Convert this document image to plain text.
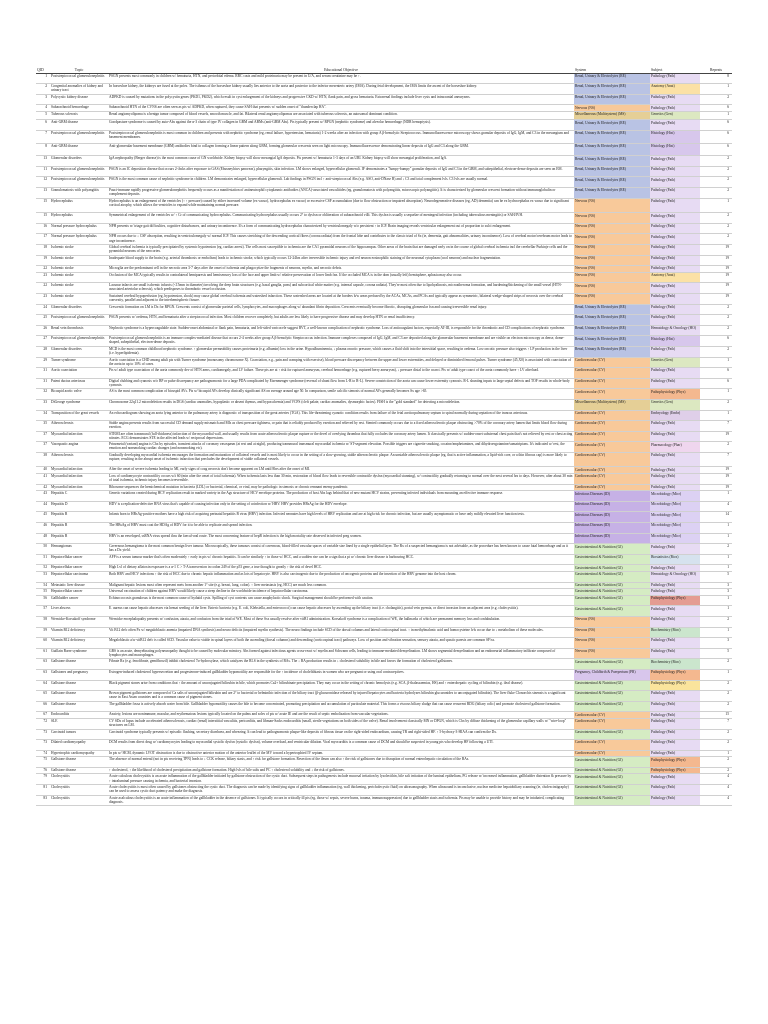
QID	Topic	Educational Objective	System	Subject	Repeats
1	Poststreptococcal glomerulonephritis	PSGN presents most commonly in children w/ hematuria, HTN, and periorbital edema. RBC casts and mild proteinuria may be present in U/A, and serum creatinine may be ↑.	Renal, Urinary & Electrolytes (RE)	Pathology (Path)	8
2	Congenital anomalies of kidney and urinary tract	In horseshoe kidney, the kidneys are fused at the poles. The isthmus of the horseshoe kidney usually lies anterior to the aorta and posterior to the inferior mesenteric artery (IMA). During fetal development, the IMA limits the ascent of the horseshoe kidney.	Renal, Urinary & Electrolytes (RE)	Anatomy (Anat)	1
3	Polycystic kidney disease	ADPKD is caused by mutations in the polycystin genes (PKD1, PKD2), which result in cyst enlargement of the kidneys and progressive CKD w/ HTN, flank pain, and gross hematuria. Extrarenal findings include liver cysts and intracranial aneurysms.	Renal, Urinary & Electrolytes (RE)	Pathology (Path)	2
4	Subarachnoid hemorrhage	Subarachnoid HTN of the CVNS are often seen as pts w/ ADPKD, when ruptured, they cause SAH that presents w/ sudden onset of "thunderclap HA".	Nervous (NS)	Pathology (Path)	6
5	Tuberous sclerosis	Renal angiomyolipoma is a benign tumor composed of blood vessels, smooth muscle, and fat. Bilateral renal angiomyolipomas are associated with tuberous sclerosis, an autosomal dominant condition.	Miscellaneous (Multisystem) (MS)	Genetics (Gen)	1
6	Anti-GBM disease	Goodpasture syndrome is caused by auto-Abs against the α-3 chain of type IV collagen in GBM and ABMs (anti-GBM Abs). Pts typically present w/ RPGN (nephritic syndrome) and alveolar hemorrhage (NDR hemoptysis).	Renal, Urinary & Electrolytes (RE)	Pathology (Path)	6
7	Poststreptococcal glomerulonephritis	Poststreptococcal glomerulonephritis is most common in children and presents with nephritic syndrome (eg, renal failure, hypertension, hematuria) 1-2 weeks after an infection with group A β-hemolytic Streptococcus. Immunofluorescence microscopy shows granular deposits of IgG, IgM, and C3 in the mesangium and basement membranes.	Renal, Urinary & Electrolytes (RE)	Histology (Hist)	6
8	Anti-GBM disease	Anti-glomerular basement membrane (GBM) antibodies bind to collagen forming a linear pattern along GBM, forming glomerular crescents seen on light microscopy. Immunofluorescence demonstrating linear deposits of IgG and C3 along the GBM.	Renal, Urinary & Electrolytes (RE)	Histology (Hist)	6
13	Glomerular disorders	IgA nephropathy (Berger disease) is the most common cause of GN worldwide. Kidney biopsy will show mesangial IgA deposits. Pts present w/ hematuria 1-3 days of an URI. Kidney biopsy will show mesangial proliferation, and IgA.	Renal, Urinary & Electrolytes (RE)	Pathology (Path)	2
11	Poststreptococcal glomerulonephritis	PSGN is an IC deposition disease that occurs 2-4wks after exposure to GAS (Ebusneyhiws pancreas), pharyngitis, skin infection. LM shows enlarged, hypercellular glomeruli. IF demonstrates a "lumpy-bumpy" granular deposits of IgG and C3 in the GBM, and subepithelial, electron-dense deposits are seen on EM.	Renal, Urinary & Electrolytes (RE)	Pathology (Path)	2
12	Poststreptococcal glomerulonephritis	PSGN is the most common cause of nephritic syndrome in children. LM demonstrates enlarged, hypercellular glomeruli. Lab findings in PSGN incl ↑ anti-streptococcal Abs (e.g. ASO, anti-DNase B) and ↓ C3 and total complement lvls. C3 lvls are usually normal.	Renal, Urinary & Electrolytes (RE)	Pathology (Path)	2
13	Granulomatosis with polyangiitis	Pauci-immune rapidly progressive glomerulonephritis frequently occurs as a manifestation of antineutrophil cytoplasmic antibodies (ANCA)-associated vasculitides (eg, granulomatosis with polyangiitis, microscopic polyangiitis). It is characterized by glomerular crescent formation without immunoglobulin or complement deposits.	Renal, Urinary & Electrolytes (RE)	Pathology (Path)	2
15	Hydrocephalus	Hydrocephalus is an enlargement of the ventricles (↑ ↑ pressure) caused by either increased volume (ex vacuo), hydrocephalus ex vacuo) or excessive CSF accumulation (due to flow obstruction or impaired absorption). Neurodegenerative diseases (eg, AD) dementia) can be ex hydrocephalus ex vacuo due to significant cortical atrophy, which allows the ventricles to expand while maintaining normal pressure.	Nervous (NS)	Pathology (Path)	1
15	Hydrocephalus	Symmetrical enlargement of the ventricles w/ ↑ Cr of communicating hydrocephalus. Communicating hydrocephalus usually occurs 2° to dysfxn or obliteration of subarachnoid villi. This dysfxn is usually a sequelae of meningeal infection (including tuberculous meningitis) or SAH/IVH.	Nervous (NS)	Pathology (Path)	2
16	Normal pressure hydrocephalus	NPH presents w/ triage gait difficulties, cognitive disturbances, and urinary incontinence. It's a form of communicating hydrocephalus characterized by ventriculomegaly w/o persistent ↑ in ICP. Brain imaging reveals ventricular enlargement out of proportion to sulci enlargement.	Nervous (NS)	Pathology (Path)	2
17	Normal pressure hydrocephalus	NPH occurs due to ↓ CSF absorption, resulting in ventriculomegaly w/ normal ICP. This causes stretching of the descending cortical fibers (corona radiata) from the frontal lobe and contributes to the classic triad of Sx (ie, dementia, gait abnormalities, urinary incontinence). Loss of cerebral motor/cerebrum motor leads to urge incontinence.	Nervous (NS)	Pathology (Path)	2
18	Ischemic stroke	Global cerebral ischemia is typically precipitated by systemic hypotension (eg, cardiac arrest). The cells most susceptible to ischemia are the CA1 pyramidal neurons of the hippocampus. Other areas of the brain that are damaged early on in the course of global cerebral ischemia incl the cerebellar Purkinje cells and the pyramidal neurons of the neocortex.	Nervous (NS)	Pathology (Path)	19
19	Ischemic stroke	Inadequate blood supply to the brain (e.g. arterial thrombosis or embolism) leads to ischemic stroke, which typically occurs 12-24hrs after irreversible ischemic injury and red neuron eosinophilic staining of the neuronal cytoplasm (cool neurons) and nuclear fragmentation.	Nervous (NS)	Pathology (Path)	19
22	Ischemic stroke	Microglia are the predominant cell in the necrotic area 3-7 days after the onset of ischemia and phagocytize the fragments of neurons, myelin, and necrotic debris.	Nervous (NS)	Pathology (Path)	19
23	Ischemic stroke	Occlusion of the MCA typically results in contralateral hemiparesis and hemisensory loss of the face and upper limb w/ relative preservation of lower limb fxn. If the occluded MCA is in the dom (usually left) hemisphere, aphasia may also occur.	Nervous (NS)	Anatomy (Anat)	19
22	Ischemic stroke	Lacunar infarcts are small ischemic infarcts (<15mm in diameter) involving the deep brain structures (e.g. basal ganglia, pons) and subcortical white matter (e.g. internal capsule, corona radiata). They're most often due to lipohyalinosis, microatheroma formation, and hardening/thickening of the small vessel (HTN-associated arteriolar sclerosis), which predisposes to thrombotic vessel occlusion.	Nervous (NS)	Pathology (Path)	19
23	Ischemic stroke	Sustained cerebral hypoperfusion (eg, hypotension, shock) may cause global cerebral ischemia and watershed infarction. These watershed areas are located at the borders b/w areas perfused by the ACAs, MCAs, and PCAs and typically appear as symmetric, bilateral wedge-shaped strips of necrosis over the cerebral convexity, parallel and adjacent to the interhemispheric fissure.	Nervous (NS)	Pathology (Path)	19
24	Glomerular disorders	Crescentic formation on LM is Dx for RPGN. Crescents consist of glomerular parietal cells, lymphocytes, and macrophages along w/ abundant fibrin deposition. Crescents eventually become fibrotic, disrupting glomerular fxn and causing irreversible renal injury.	Renal, Urinary & Electrolytes (RE)	Pathology (Path)	2
25	Poststreptococcal glomerulonephritis	PSGN presents w/ oedema, HTN, and hematuria after a streptococcal infection. Most children recover completely, but adults are less likely to have progressive disease and may develop HTN or renal insufficiency.	Renal, Urinary & Electrolytes (RE)	Pathology (Path)	2
26	Renal vein thrombosis	Nephrotic syndrome is a hypercoagulable state. Sudden-onset abdominal or flank pain, hematuria, and left-sided varicocele suggest RVT, a well-known complication of nephrotic syndrome. Loss of anticoagulant factors, especially AT-III, is responsible for the thrombotic and CD complications of nephrotic syndrome.	Renal, Urinary & Electrolytes (RE)	Hematology & Oncology (HO)	2
27	Poststreptococcal glomerulonephritis	Poststreptococcal glomerulonephritis is an immune complex-mediated disease that occurs 2-4 weeks after group A β-hemolytic Streptococcus infection. Immune complexes composed of IgG, IgM, and C3 are deposited along the glomerular basement membrane and are visible on electron microscopy as dense, dome-shaped, subepithelial, electron-dense deposits.	Renal, Urinary & Electrolytes (RE)	Histology (Hist)	6
28	Glomerular disorders	MCD is the most common childhood nephrotic syndrome. ↑ glomerular permeability causes proteinuria (e.g. albumin) loss in the urine. Hypoalbuminemia, ↓ plasma oncotic pressure, which causes a fluid shift into the interstitial space, resulting in oedema. Low oncotic pressure also triggers ↑ LP production in the liver (i.e. hyperlipidemia).	Renal, Urinary & Electrolytes (RE)	Pathology (Path)	2
29	Turner syndrome	Aortic coarctation is a CHD among adult pts with Turner syndrome (monosomy chromosome X). Coarctation, e.g., pain and cramping with exercise), blood pressure discrepancy between the upper and lower extremities, and delayed or diminished femoral pulses. Turner syndrome (45,X0) is associated with coarctation of the aorta in up to 10% of cases.	Cardiovascular (CV)	Genetics (Gen)	1
31	Aortic coarctation	Pts w/ adult type coarctation of the aorta commonly dev of HTN arms, cardiomegaly, and LV failure. These pts are at ↑ risk for ruptured aneurysm, cerebral hemorrhage (e.g. ruptured berry aneurysm), ↓ pressure distal to the coarct. Pts w/ adult type coarct of the aorta commonly have ↑ LV afterload.	Cardiovascular (CV)	Pathology (Path)	6
31	Patent ductus arteriosus	Digital clubbing and cyanosis w/o BP or pulse discrepancy are pathognomonic for a large PDA complicated by Eisenmenger syndrome (reversal of shunt flow from L-R to R-L). Severe constriction of the aorta can cause lower extremity cyanosis. R-L shunting inputs to large septal defects and TOF results in whole-body cyanosis.	Cardiovascular (CV)	Pathology (Path)	6
32	Bicuspid aortic valve	AS is the most common complication of bicuspid AVs. Pts w/ bicuspid AVs develop clinically significant AS on average around age 50. In comparison, senile calcific stenosis of normal AVs generally becomes Sx age >65.	Cardiovascular (CV)	Pathophysiology (Phys)	1
33	DiGeorge syndrome	Chromosome 22q11.2 microdeletion results in DGS (cardiac anomalies, hypoplastic or absent thymus, and hypocalcemia) and VCFS (cleft palate, cardiac anomalies, dysmorphic facies). FISH is the "gold standard" for detecting a microdeletion.	Miscellaneous (Multisystem) (MS)	Genetics (Gen)	2
34	Transposition of the great vessels	An echocardiogram showing an aorta lying anterior to the pulmonary artery is diagnostic of transposition of the great arteries (TGA). This life-threatening cyanotic condition results from failure of the fetal aorticopulmonary septum to spiral normally during septation of the truncus arteriosus.	Cardiovascular (CV)	Embryology (Embr)	1
35	Atherosclerosis	Stable angina presents results from successful CD demand supply mismatch and MIs as chest pressure tightness, or pain that is reliably produced by exertion and relieved by rest. Stented commonly occurs due to a fixed atherosclerotic plaque obstructing >70% of the coronary artery lumen that limits blood flow during exertion.	Cardiovascular (CV)	Pathology (Path)	7
37	Myocardial infarction	STEMI are often transmural (full-thickness) infarction of the myocardial wall, and usually results from acute atherosclerotic plaque rupture or the devel of overlying thrombus that fully occludes the coronary artery lumen. It classically presents w/ sudden-onset substernal chest pain that's not relieved by rest or chest acting nitrates. ECG demonstrates STE in the affected leads w/ reciprocal depressions.	Cardiovascular (CV)	Pathology (Path)	19
37	Vasospastic angina	Prinzmetal (variant) angina is Chx by episodes, transient attacks of coronary vasospasm (at rest and at night), producing transmural transmural myocardial ischemia w/ ST-segment elevation. Possible triggers are cigarette smoking, cocaine/amphetamines, and dihydroergotamine/sumatriptans. It's indicated w/ rest, the emotion and nonsmoking cardiac changes (and nonsmoking etc).	Cardiovascular (CV)	Pharmacology (Phar)	2
38	Atherosclerosis	Gradually developing myocardial ischemia encourages the formation and maturation of collateral vessels and is most likely to occur in the setting of a slow-growing, stable atherosclerotic plaque. An unstable atherosclerotic plaque (eg, that is active inflammation, a lipid-rich core, or a thin fibrous cap) is more likely to rupture, resulting in the abrupt onset of ischemic infarction that precludes the development of viable collateral vessels.	Cardiovascular (CV)	Pathology (Path)	7
40	Myocardial infarction	After the onset of severe ischemia leading to MI, early signs of coag necrosis don't become apparent on LM until 8hrs after the onset of MI.	Cardiovascular (CV)	Pathology (Path)	19
41	Myocardial infarction	Loss of cardiomyocyte contractility occurs w/i 60 (min after the onset of total ischemia). When ischemia lasts less than 30 min, restoration of blood flow leads to reversible contractile dysfxn (myocardial stunning), w/ contractility gradually returning to normal over the next several hrs to days. However, after about 30 min of total ischemia, ischemic injury becomes irreversible.	Cardiovascular (CV)	Pathology (Path)	19
42	Myocardial infarction	Ribosome sequences the hemichemical mutation in bacteria (LDL) or bacterial, chemical, or viral, may be pathologic in stenosis or chronic remnant enemy pandemic.	Cardiovascular (CV)	Pathology (Path)	19
43	Hepatitis C	Genetic variations created during HCV replication result in marked variety in the Ags structure of HCV envelope proteins. The production of host Abs lags behind that of new mutant HCV strains, preventing infected individuals from mounting an effective immune response.	Infectious Diseases (ID)	Microbiology (Micr)	1
44	Hepatitis D	HDV is a replication-defective RNA virus that's capable of causing infection only in the setting of coinfection w/ HBV. HBV provides HBsAg for the HDV envelope.	Infectious Diseases (ID)	Microbiology (Micr)	4
45	Hepatitis B	Infants born to HBsAg-positive mothers have a high risk of acquiring perinatal hepatitis B virus (HBV) infection. Infected neonates have high levels of HBV replication and are at high risk for chronic infection, but are usually asymptomatic or have only mildly elevated liver function tests.	Infectious Diseases (ID)	Microbiology (Micr)	14
46	Hepatitis B	The HBsAg of HBV must coat the HDAg of HDV for it to be able to replicate and spread infection.	Infectious Diseases (ID)	Microbiology (Micr)	1
48	Hepatitis B	HBV is an enveloped, ssRNA virus spread thru the faecal-oral route. The most concerning feature of hepB infection is the high mortality rate observed in infected preg women.	Infectious Diseases (ID)	Microbiology (Micr)	1
50	Hemangiomas	Cavernous hemangioma is the most common benign liver tumour. Microscopically, these tumours consist of cavernous, blood-filled vascular spaces of variable size lined by a single epithelial layer. The Rx of a suspected hemangioma is not advisable, as the procedure has been known to cause fatal hemorrhage and as it has a Dx yield.	Gastrointestinal & Nutrition (GI)	Pathology (Path)	2
51	Hepatocellular cancer	AFP is a serum tumour marker that's often moderately ↑ early in pts w/ chronic hepatitis. It can be similarly ↑ in those w/ HCC, and a sudden rise can be a sign that a pt w/ chronic liver disease is harbouring HCC.	Gastrointestinal & Nutrition (GI)	Biostatistics (Bios)	1
52	Hepatocellular cancer	High Lvl of dietary aflatoxin exposure is a α-1 C > T-A transversion in codon 249 of the p53 gene, a true thought to greatly ↑ the risk of devel HCC.	Gastrointestinal & Nutrition (GI)	Pathology (Path)	1
53	Hepatocellular carcinoma	Both HBV and HCV infections ↑ the risk of HCC due to chronic hepatic inflammation and as lots of hepatocyte. HBV is also carcinogenic due to the production of oncogenic proteins and the insertion of the HBV genome into the host chrom.	Gastrointestinal & Nutrition (GI)	Hematology & Oncology (HO)	5
54	Metastatic liver disease	Malignant hepatic lesions most often represent mets from another 1° site (e.g. breast, lung, colon). ↑ liver metastasis (eg, HCC) are much less common.	Gastrointestinal & Nutrition (GI)	Pathology (Path)	3
55	Hepatocellular cancer	Universal vaccination of children against HBV would likely cause a steep decline in the worldwide incidence of hepatocellular carcinoma.	Gastrointestinal & Nutrition (GI)	Pathology (Path)	3
56	Gallbladder cancer	Echinococcosis granulosus is the most common cause of hydatid cysts. Spilling of cyst contents can cause anaphylactic shock. Surgical management should be performed with caution.	Gastrointestinal & Nutrition (GI)	Pathophysiology (Phys)	1
57	Liver abscess	E. aureus can cause hepatic abscesses via hemat seeding of the liver. Enteric bacteria (e.g. E. coli, Klebsiella, and enterococci) can cause hepatic abscesses by ascending up the biliary tract (i.e. cholangitis), portal vein pyemia, or direct invasion from an adjacent area (e.g. cholecystitis).	Gastrointestinal & Nutrition (GI)	Pathology (Path)	1
58	Wernicke-Korsakoff syndrome	Wernicke encephalopathy presents w/ confusion, ataxia, and confusion from the triad of WE. Most of these Sxs usually resolve after vitB1 administration. Korsakoff syndrome is a complication of WE, the hallmarks of which are permanent memory loss and confabulation.	Nervous (NS)	Pathology (Path)	2
59	Vitamin B12 deficiency	Vit B12 defc often Px w/ megaloblastic anemia (impaired DNA synthesis) and neuro deficits (impaired myelin synthesis). The neuro findings include SCD of the dorsal columns and lateral corticospinal tract. ↑ in methylmalonic acid and homocysteine lvls occur due to ↓ metabolism of these molecules.	Nervous (NS)	Biochemistry (Bioc)	1
60	Vitamin B12 deficiency	Megaloblastic a/w vitB12 defc is called SCD. Vascular value to viable in spinal layers of both the ascending (dorsal columns) and descending (corticospinal tract) pathways. Loss of position and vibration sensation, sensory ataxia, and spastic paresis are common SF/sx.	Nervous (NS)	Pathology (Path)	3
61	Guillain Barre syndrome	GBS is an acute, demyelinating polyneuropathy thought to be caused by molecular mimicry. Abs formed against infectious agents cross-react w/ myelin and Schwann cells, leading to immune-mediated demyelination. LM shows segmental demyelination and an endoneurial inflammatory infiltrate composed of lymphocytes and macrophages.	Nervous (NS)	Pathology (Path)	5
63	Gallstone disease	Fibrate Rx (e.g. fenofibrate, gemfibrozil) inhibit cholesterol 7α-hydroxylase, which catalyzes the RLS in the synthesis of BAs. The ↓ BA production results in ↓ cholesterol solubility in bile and favors the formation of cholesterol gallstones.	Gastrointestinal & Nutrition (GI)	Biochemistry (Bioc)	2
63	Gallstones and pregnancy	Estrogen-induced cholesterol hypersecretion and progesterone-induced gallbladder hypomotility are responsible for the ↑ incidence of cholelithiasis in women who are pregnant or using oral contraceptives.	Pregnancy, Childbirth & Puerperium (PR)	Pathophysiology (Phys)	1
64	Gallstone disease	Black pigment stones arise from conditions that ↑ the amount of unconjugated bilirubin in bile, which promotes Ca2+ bilirubinate precipitation. They may occur in the setting of chronic hemolysis (e.g. SCA, β-thalassaemias, HS) and ↑ enterohepatic cycling of bilirubin (e.g. ileal disease).	Gastrointestinal & Nutrition (GI)	Pathophysiology (Phys)	2
65	Gallstone disease	Brown pigment gallstones are composed of Ca salts of unconjugated bilirubin and are 2° to bacterial or helminthic infection of the biliary tract (β-glucuronidase released by injured hepatocytes and bacteria hydrolyzes bilirubin glucuronides to unconjugated bilirubin). The liver fluke Clonorchis sinensis is a significant cause in East Asian countries and is a common cause of pigment stones.	Gastrointestinal & Nutrition (GI)	Pathology (Path)	2
66	Gallstone disease	The gallbladder fossa is actively absorb water from bile. Gallbladder hypomotility causes the bile to become concentrated, promoting precipitation and accumulation of particulate material. This forms a viscous biliary sludge that can cause recurrent RDG (biliary colic) and promote cholesterol gallstone formation.	Gastrointestinal & Nutrition (GI)	Pathology (Path)	2
67	Endocarditis	Anxiety, lesions are nonimmune, macular, and erythematous lesions typically located on the palms and soles of pts w/ acute IE and are the result of septic embolization from vascular vegetations.	Cardiovascular (CV)	Pathology (Path)	15
72	SLE	CV SDx of lupus include accelerated atherosclerosis, cardiac (renal) interstitial vasculitis, pericarditis, and libman-Sacks endocarditis (small, sterile vegetations on both sides of the valve). Renal involvement classically MN or DPGN, which is Chx by diffuse thickening of the glomerular capillary walls w/ "wire-loop" structures on LM.	Cardiovascular (CV)	Pathology (Path)	7
73	Carcinoid tumors	Carcinoid syndrome typically presents w/ episodic flushing, secretory diarrhoea, and wheezing. It can lead to pathognomonic plaque-like deposits of fibrous tissue on the right-sided endocardium, causing TR and right-sided HF. ↑ 5-hydroxy-3-HIAA can confirm the Dx.	Gastrointestinal & Nutrition (GI)	Pathology (Path)	2
73	Dilated cardiomyopathy	DCM results from direct drug w/ cardiomyocytes leading to myocardial systolic dysfxn (systolic dysfxn), volume overload, and ventricular dilation. Viral myocarditis is a common cause of DCM and should be suspected in young pts who develop HF following a UTI.	Cardiovascular (CV)	Pathology (Path)	2
74	Hypertrophic cardiomyopathy	In pts w/ HCM, dynamic LVOT obstruction is due to obstructive anterior motion of the anterior leaflet of the MV toward a hypertrophied IV septum.	Cardiovascular (CV)	Pathology (Path)	1
75	Gallstone disease	The absence of normal enteral (not in pts receiving TPN) leads to ↓ CCK release, biliary stasis, and ↑ risk for gallstone formation. Resection of the ileum can also ↑ the risk of gallstones due to disruption of normal enterohepatic circulation of the BAs.	Gastrointestinal & Nutrition (GI)	Pathophysiology (Phys)	2
76	Gallstone disease	↑ cholesterol, ↑ the likelihood of cholesterol precipitation and gallstone formation. High lvls of bile salts and PC ↑ cholesterol solubility and ↓ the risk of gallstones.	Gastrointestinal & Nutrition (GI)	Pathophysiology (Phys)	2
79	Cholecystitis	Acute calculous cholecystitis is an acute inflammation of the gallbladder initiated by gallstone obstruction of the cystic duct. Subsequent steps in pathogenesis include mucosal irritation by lysolecithin, bile salt irritation of the luminal epithelium, PG release w/ increased inflammation, gallbladder distention & pressure by ↑ intraluminal pressure causing ischemia, and bacterial invasion.	Gastrointestinal & Nutrition (GI)	Pathology (Path)	4
81	Cholecystitis	Acute cholecystitis is most often caused by gallstones obstructing the cystic duct. The diagnosis can be made by identifying signs of gallbladder inflammation (eg, wall thickening, pericholecystic fluid) on ultrasonography. When ultrasound is inconclusive, nuclear medicine hepatobiliary scanning (ie, cholescintigraphy) can be used to assess cystic duct patency and make the diagnosis.	Gastrointestinal & Nutrition (GI)	Pathology (Path)	4
83	Cholecystitis	Acute acalculous cholecystitis is an acute inflammation of the gallbladder in the absence of gallstones. It typically occurs in critically ill pts (eg, those w/ sepsis, severe burns, trauma, immunosuppression) due to gallbladder stasis and ischemia. Pts may be unable to provide history and may be intubated, complicating diagnosis.	Gastrointestinal & Nutrition (GI)	Pathology (Path)	4
